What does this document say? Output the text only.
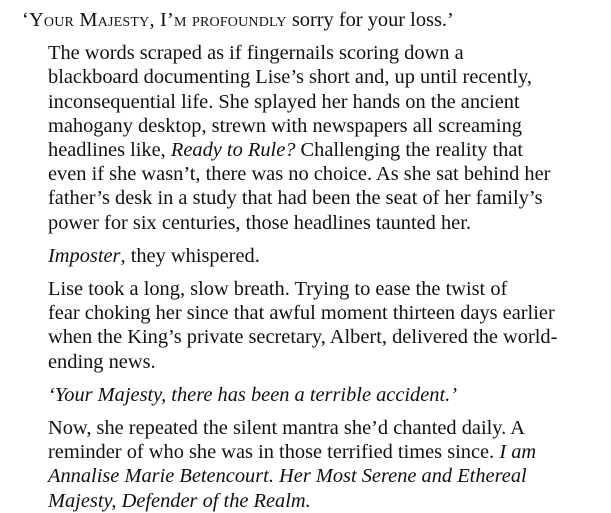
‘Your Majesty, I’m profoundly sorry for your loss.’

The words scraped as if fingernails scoring down a
blackboard documenting Lise’s short and, up until recently,
inconsequential life. She splayed her hands on the ancient
mahogany desktop, strewn with newspapers all screaming
headlines like, Ready to Rule? Challenging the reality that
even if she wasn’t, there was no choice. As she sat behind her
father’s desk in a study that had been the seat of her family’s
power for six centuries, those headlines taunted her.

Imposter, they whispered.

Lise took a long, slow breath. Trying to ease the twist of
fear choking her since that awful moment thirteen days earlier
when the King’s private secretary, Albert, delivered the world-
ending news.

‘Your Majesty, there has been a terrible accident.’

Now, she repeated the silent mantra she’d chanted daily. A
reminder of who she was in those terrified times since. I am
Annalise Marie Betencourt. Her Most Serene and Ethereal
Majesty, Defender of the Realm.
